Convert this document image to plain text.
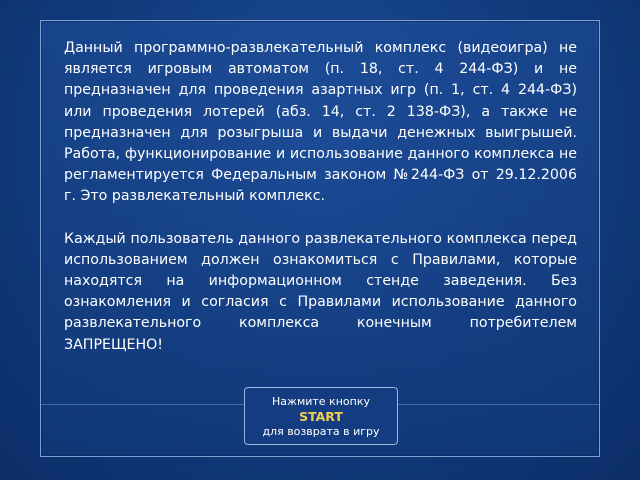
Данный программно-развлекательный комплекс (видеоигра) не является игровым автоматом (п. 18, ст. 4 244-ФЗ) и не предназначен для проведения азартных игр (п. 1, ст. 4 244-ФЗ) или проведения лотерей (абз. 14, ст. 2 138-ФЗ), а также не предназначен для розыгрыша и выдачи денежных выигрышей. Работа, функционирование и использование данного комплекса не регламентируется Федеральным законом №244-ФЗ от 29.12.2006 г. Это развлекательный комплекс.

Каждый пользователь данного развлекательного комплекса перед использованием должен ознакомиться с Правилами, которые находятся на информационном стенде заведения. Без ознакомления и согласия с Правилами использование данного развлекательного комплекса конечным потребителем ЗАПРЕЩЕНО!

Нажмите кнопку
START
для возврата в игру
